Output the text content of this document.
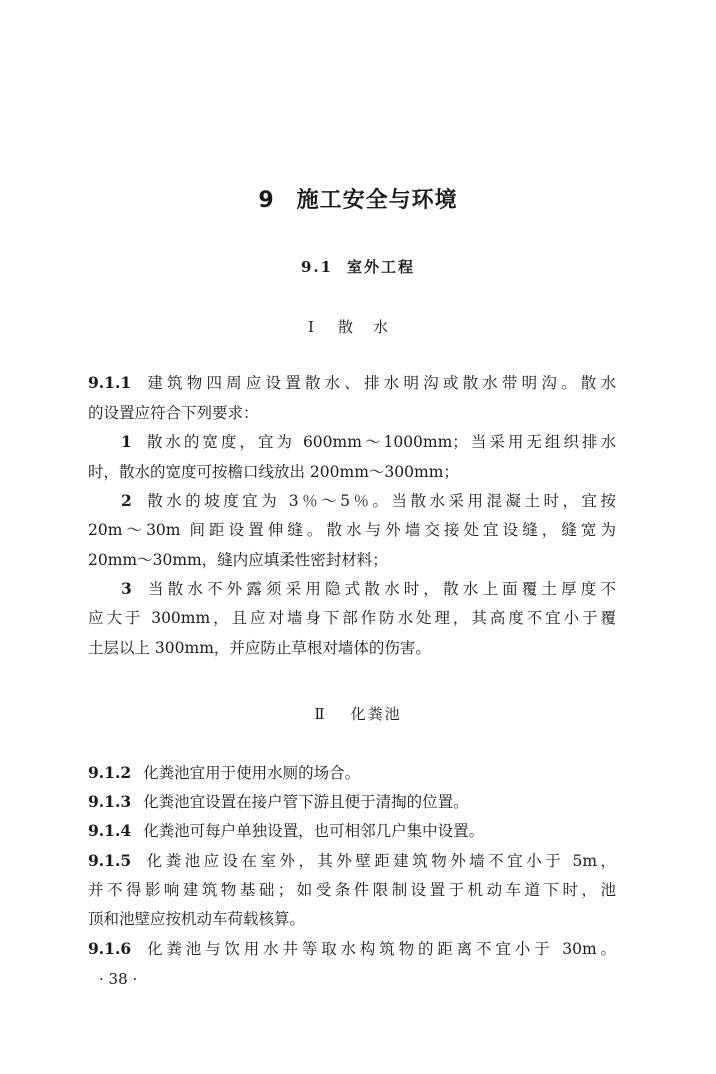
9 施工安全与环境
9.1 室外工程
Ⅰ 散水
9.1.1 建筑物四周应设置散水、排水明沟或散水带明沟。散水
的设置应符合下列要求：
1 散水的宽度，宜为 600mm～1000mm；当采用无组织排水
时，散水的宽度可按檐口线放出 200mm～300mm；
2 散水的坡度宜为 3％～5％。当散水采用混凝土时，宜按
20m～30m 间距设置伸缝。散水与外墙交接处宜设缝，缝宽为
20mm～30mm，缝内应填柔性密封材料；
3 当散水不外露须采用隐式散水时，散水上面覆土厚度不
应大于 300mm，且应对墙身下部作防水处理，其高度不宜小于覆
土层以上 300mm，并应防止草根对墙体的伤害。
Ⅱ 化粪池
9.1.2 化粪池宜用于使用水厕的场合。
9.1.3 化粪池宜设置在接户管下游且便于清掏的位置。
9.1.4 化粪池可每户单独设置，也可相邻几户集中设置。
9.1.5 化粪池应设在室外，其外壁距建筑物外墙不宜小于 5m，
并不得影响建筑物基础；如受条件限制设置于机动车道下时，池
顶和池壁应按机动车荷载核算。
9.1.6 化粪池与饮用水井等取水构筑物的距离不宜小于 30m。
· 38 ·
